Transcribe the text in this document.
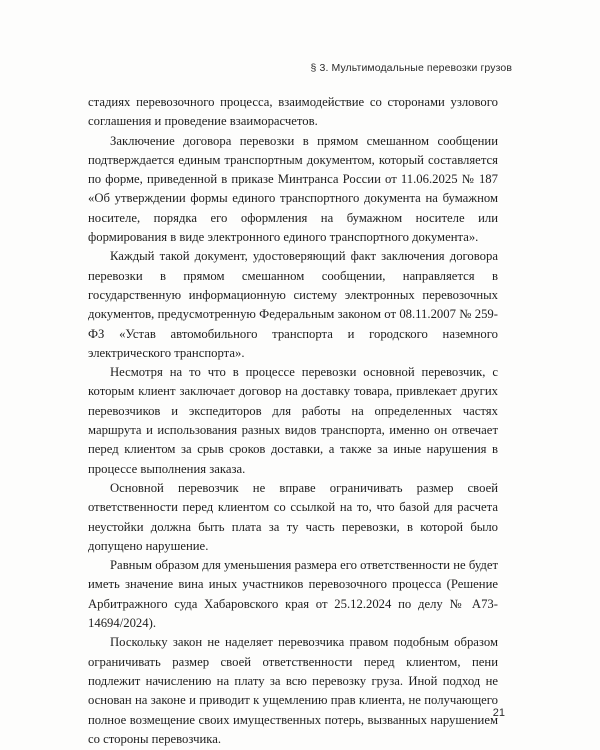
§ 3. Мультимодальные перевозки грузов

стадиях перевозочного процесса, взаимодействие со сторонами узлового соглашения и проведение взаиморасчетов.

Заключение договора перевозки в прямом смешанном сообщении подтверждается единым транспортным документом, который составляется по форме, приведенной в приказе Минтранса России от 11.06.2025 № 187 «Об утверждении формы единого транспортного документа на бумажном носителе, порядка его оформления на бумажном носителе или формирования в виде электронного единого транспортного документа».

Каждый такой документ, удостоверяющий факт заключения договора перевозки в прямом смешанном сообщении, направляется в государственную информационную систему электронных перевозочных документов, предусмотренную Федеральным законом от 08.11.2007 № 259-ФЗ «Устав автомобильного транспорта и городского наземного электрического транспорта».

Несмотря на то что в процессе перевозки основной перевозчик, с которым клиент заключает договор на доставку товара, привлекает других перевозчиков и экспедиторов для работы на определенных частях маршрута и использования разных видов транспорта, именно он отвечает перед клиентом за срыв сроков доставки, а также за иные нарушения в процессе выполнения заказа.

Основной перевозчик не вправе ограничивать размер своей ответственности перед клиентом со ссылкой на то, что базой для расчета неустойки должна быть плата за ту часть перевозки, в которой было допущено нарушение.

Равным образом для уменьшения размера его ответственности не будет иметь значение вина иных участников перевозочного процесса (Решение Арбитражного суда Хабаровского края от 25.12.2024 по делу № А73-14694/2024).

Поскольку закон не наделяет перевозчика правом подобным образом ограничивать размер своей ответственности перед клиентом, пени подлежит начислению на плату за всю перевозку груза. Иной подход не основан на законе и приводит к ущемлению прав клиента, не получающего полное возмещение своих имущественных потерь, вызванных нарушением со стороны перевозчика.

21
